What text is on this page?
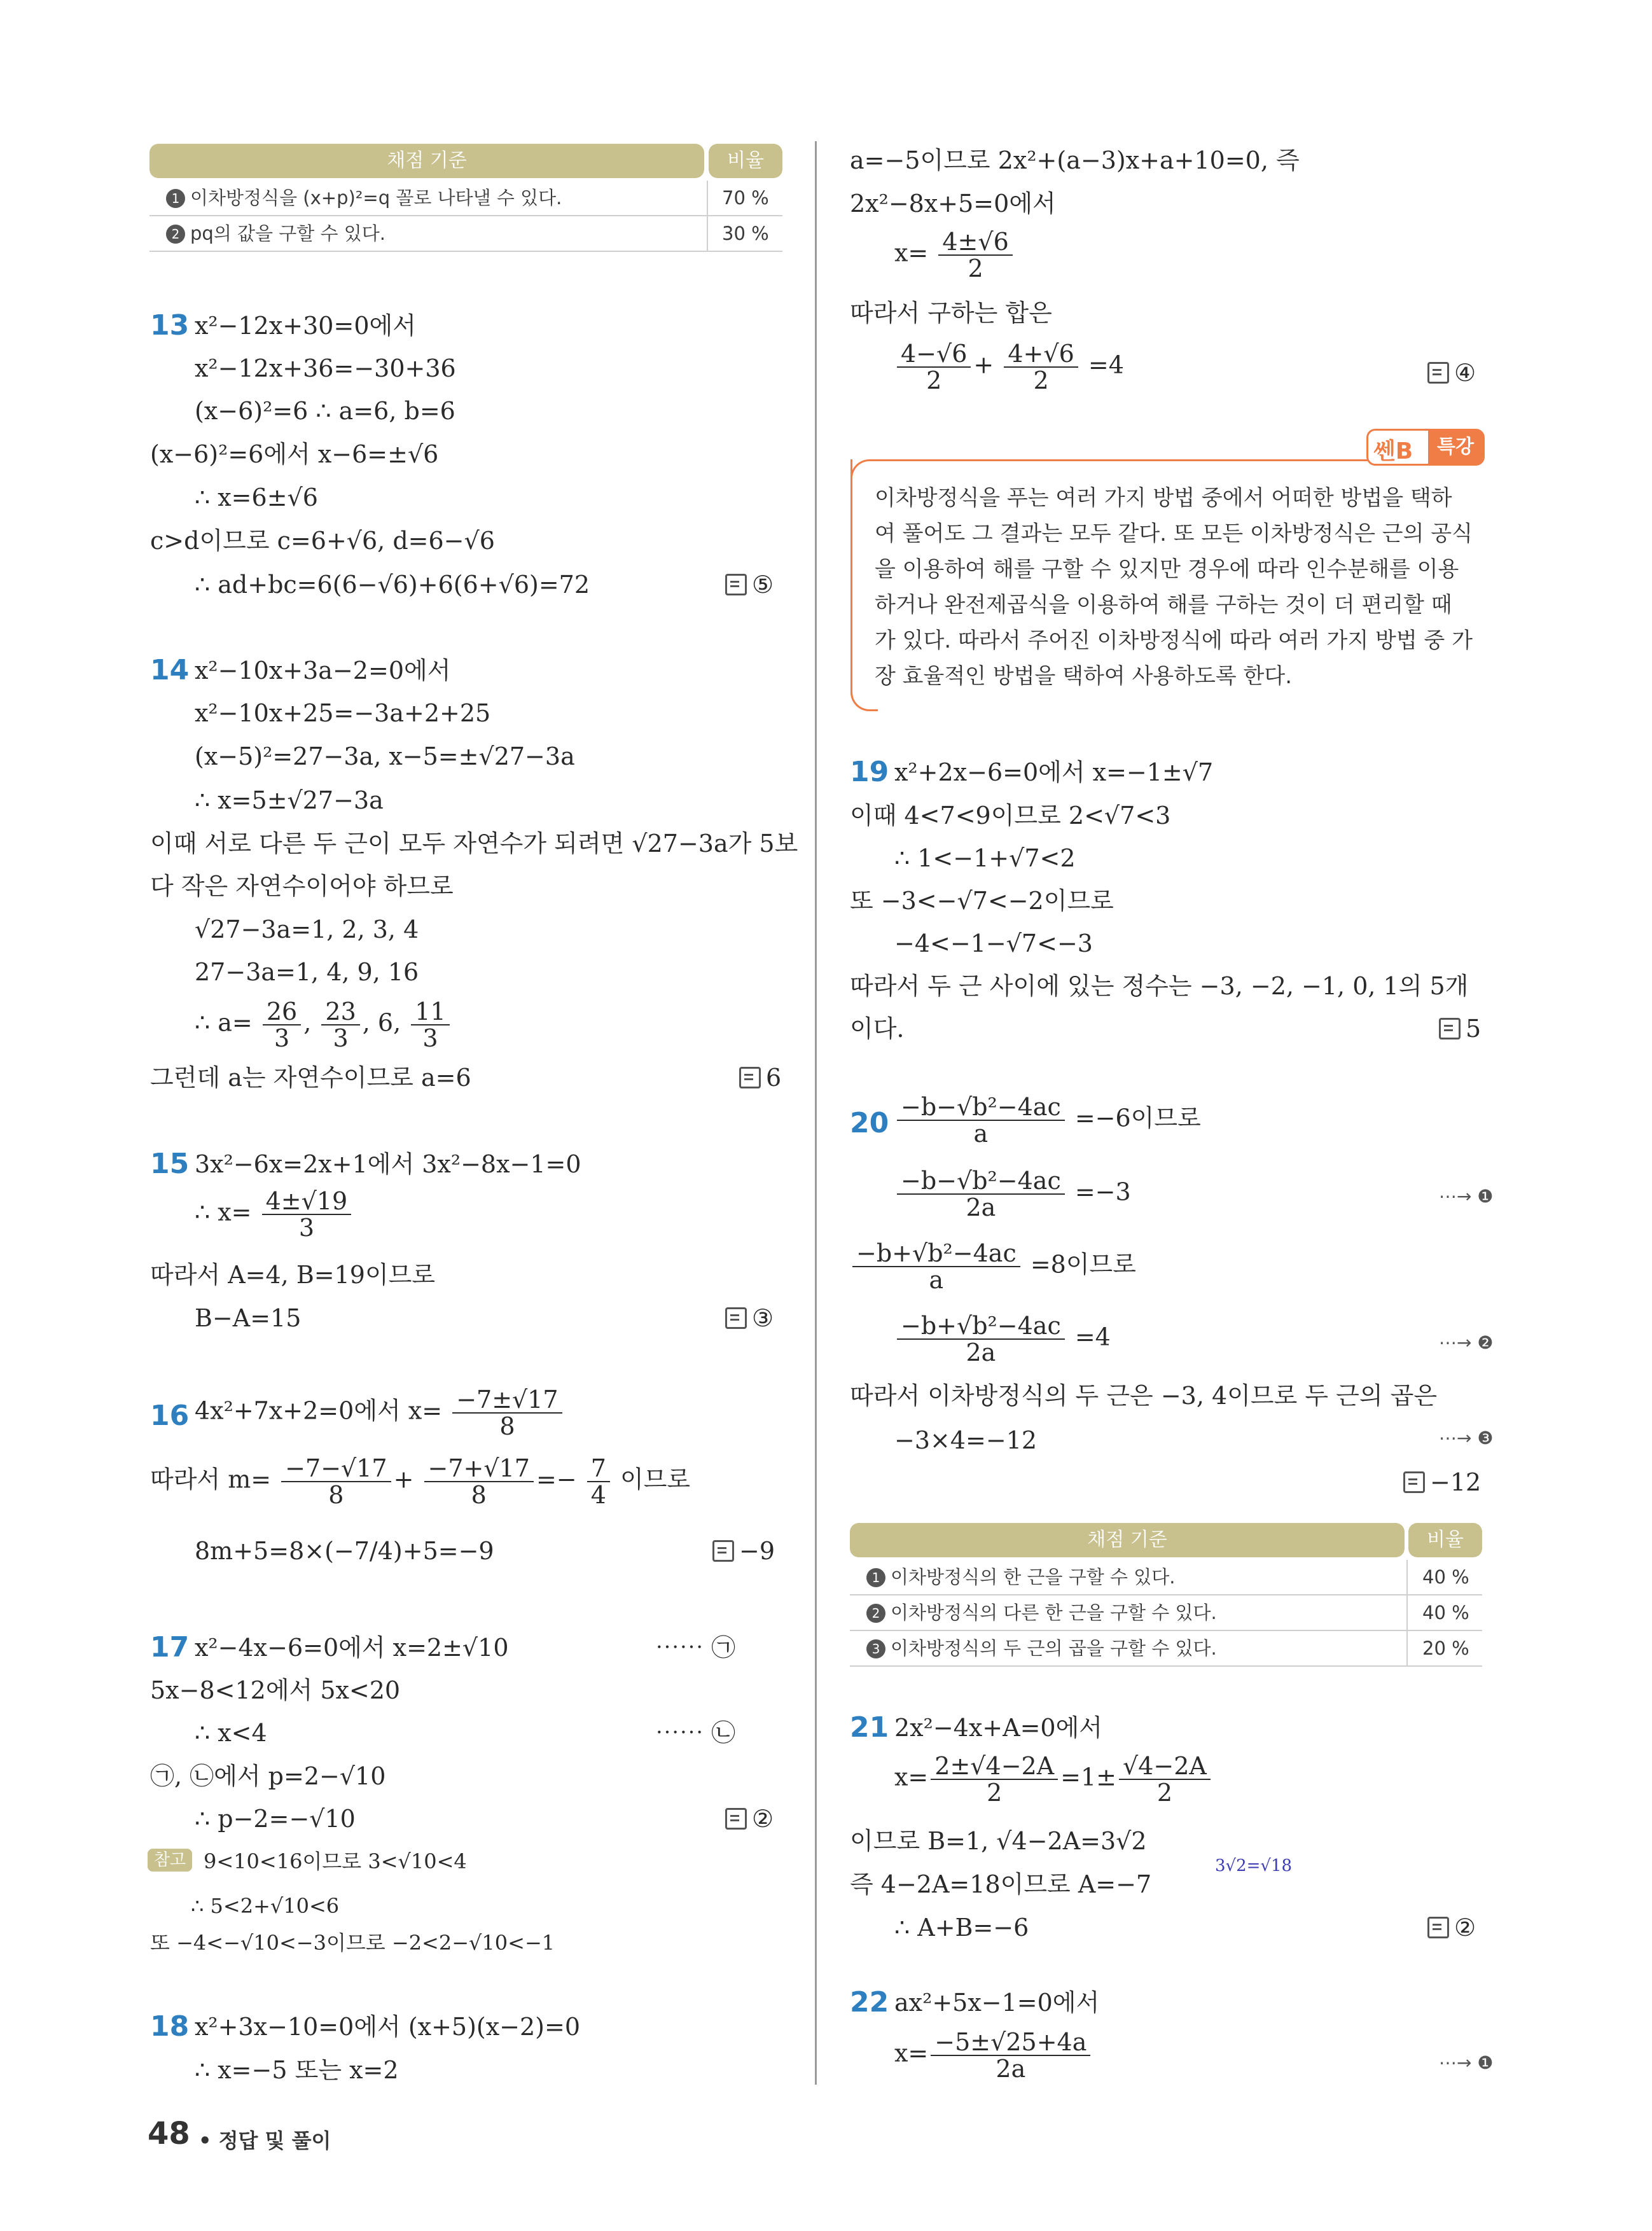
채점 기준	비율
1 이차방정식을 (x+p)²=q 꼴로 나타낼 수 있다.	70 %
2 pq의 값을 구할 수 있다.	30 %
13 x²−12x+30=0에서
x²−12x+36=−30+36
(x−6)²=6 ∴ a=6, b=6
(x−6)²=6에서 x−6=±√6
∴ x=6±√6
c>d이므로 c=6+√6, d=6−√6
∴ ad+bc=6(6−√6)+6(6+√6)=72	⑤
14 x²−10x+3a−2=0에서
x²−10x+25=−3a+2+25
(x−5)²=27−3a, x−5=±√27−3a
∴ x=5±√27−3a
이때 서로 다른 두 근이 모두 자연수가 되려면 √27−3a가 5보
다 작은 자연수이어야 하므로
√27−3a=1, 2, 3, 4
27−3a=1, 4, 9, 16
∴ $a= \frac{26}{3}$ , $\frac{23}{3}$ , 6, $\frac{11}{3}$
그런데 a는 자연수이므로 a=6	6
15 3x²−6x=2x+1에서 3x²−8x−1=0
∴ $x= \frac{4\pm√19}{3}$
따라서 A=4, B=19이므로
B−A=15	③
16 4x²+7x+2=0에서 $x= \frac{-7\pm√17}{8}$
따라서 $m= \frac{-7-√17}{8} + \frac{-7+√17}{8} =- \frac{7}{4}$ 이므로
8m+5=8×(−7/4)+5=−9	−9
17 x²−4x−6=0에서 x=2±√10	⋯⋯ ㉠
5x−8<12에서 5x<20
∴ x<4	⋯⋯ ㉡
㉠, ㉡에서 p=2−√10
∴ p−2=−√10	②
참고 9<10<16이므로 3<√10<4
∴ 5<2+√10<6
또 −4<−√10<−3이므로 −2<2−√10<−1
18 x²+3x−10=0에서 (x+5)(x−2)=0
∴ x=−5 또는 x=2
a=−5이므로 2x²+(a−3)x+a+10=0, 즉
2x²−8x+5=0에서
$x= \frac{4\pm√6}{2}$
따라서 구하는 합은
$\frac{4-√6}{2} + \frac{4+√6}{2} =4$	④
쎈B	특강
이차방정식을 푸는 여러 가지 방법 중에서 어떠한 방법을 택하여 풀어도 그 결과는 모두 같다. 또 모든 이차방정식은 근의 공식을 이용하여 해를 구할 수 있지만 경우에 따라 인수분해를 이용하거나 완전제곱식을 이용하여 해를 구하는 것이 더 편리할 때가 있다. 따라서 주어진 이차방정식에 따라 여러 가지 방법 중 가장 효율적인 방법을 택하여 사용하도록 한다.
19 x²+2x−6=0에서 x=−1±√7
이때 4<7<9이므로 2<√7<3
∴ 1<−1+√7<2
또 −3<−√7<−2이므로
−4<−1−√7<−3
따라서 두 근 사이에 있는 정수는 −3, −2, −1, 0, 1의 5개
이다.	5
$20 \frac{\text{−b−√b²−4ac}}{a} =-6$이므로
$\frac{\text{−b−√b²−4ac}}{2a} =-3$	⋯→ ❶
$\frac{\text{−b+√b²−4ac}}{a} =8$이므로
$\frac{\text{−b+√b²−4ac}}{2a} =4$	⋯→ ❷
따라서 이차방정식의 두 근은 −3, 4이므로 두 근의 곱은
−3×4=−12	⋯→ ❸
−12
채점 기준	비율
1 이차방정식의 한 근을 구할 수 있다.	40 %
2 이차방정식의 다른 한 근을 구할 수 있다.	40 %
3 이차방정식의 두 근의 곱을 구할 수 있다.	20 %
21 2x²−4x+A=0에서
$x= \frac{2\pm√4-2A}{2} =1\pm \frac{√4-2A}{2}$
이므로 B=1, √4−2A=3√2
3√2=√18
즉 4−2A=18이므로 A=−7
∴ A+B=−6	②
22 ax²+5x−1=0에서
$x= \frac{-5\pm√25+4a}{2a}$	⋯→ ❶
48 • 정답 및 풀이
